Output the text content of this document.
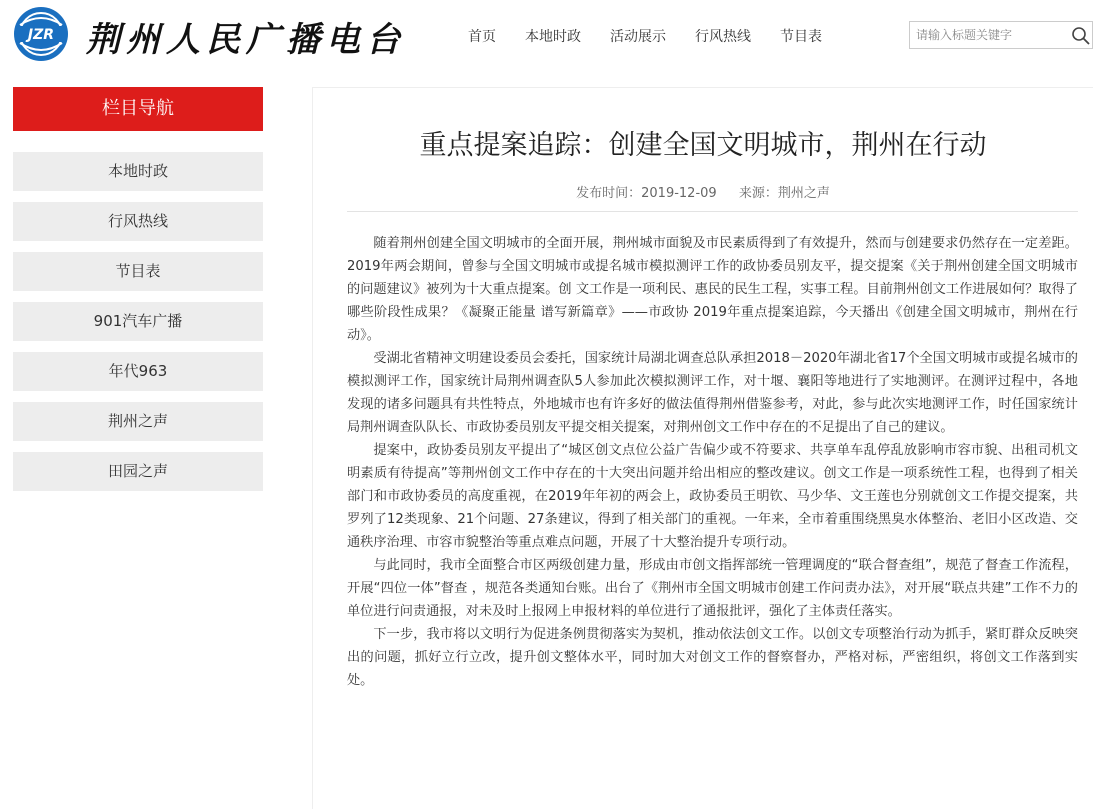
JZR 荆州人民广播电台	首页 本地时政 活动展示 行风热线 节目表
请输入标题关键字
栏目导航
本地时政
行风热线
节目表
901汽车广播
年代963
荆州之声
田园之声
重点提案追踪：创建全国文明城市，荆州在行动
发布时间：2019-12-09 来源：荆州之声

随着荆州创建全国文明城市的全面开展，荆州城市面貌及市民素质得到了有效提升，然而与创建要求仍然存在一定差距。2019年两会期间，曾参与全国文明城市或提名城市模拟测评工作的政协委员别友平，提交提案《关于荆州创建全国文明城市的问题建议》被列为十大重点提案。创 文工作是一项利民、惠民的民生工程，实事工程。目前荆州创文工作进展如何？取得了哪些阶段性成果？《凝聚正能量 谱写新篇章》——市政协 2019年重点提案追踪，今天播出《创建全国文明城市，荆州在行动》。

受湖北省精神文明建设委员会委托，国家统计局湖北调查总队承担2018－2020年湖北省17个全国文明城市或提名城市的模拟测评工作，国家统计局荆州调查队5人参加此次模拟测评工作，对十堰、襄阳等地进行了实地测评。在测评过程中，各地发现的诸多问题具有共性特点，外地城市也有许多好的做法值得荆州借鉴参考，对此，参与此次实地测评工作，时任国家统计局荆州调查队队长、市政协委员别友平提交相关提案，对荆州创文工作中存在的不足提出了自己的建议。

提案中，政协委员别友平提出了“城区创文点位公益广告偏少或不符要求、共享单车乱停乱放影响市容市貌、出租司机文明素质有待提高”等荆州创文工作中存在的十大突出问题并给出相应的整改建议。创文工作是一项系统性工程，也得到了相关部门和市政协委员的高度重视，在2019年年初的两会上，政协委员王明钦、马少华、文王莲也分别就创文工作提交提案，共罗列了12类现象、21个问题、27条建议，得到了相关部门的重视。一年来，全市着重围绕黑臭水体整治、老旧小区改造、交通秩序治理、市容市貌整治等重点难点问题，开展了十大整治提升专项行动。

与此同时，我市全面整合市区两级创建力量，形成由市创文指挥部统一管理调度的“联合督查组”，规范了督查工作流程，开展“四位一体”督查 ，规范各类通知台账。出台了《荆州市全国文明城市创建工作问责办法》，对开展“联点共建”工作不力的单位进行问责通报，对未及时上报网上申报材料的单位进行了通报批评，强化了主体责任落实。

下一步，我市将以文明行为促进条例贯彻落实为契机，推动依法创文工作。以创文专项整治行动为抓手，紧盯群众反映突出的问题，抓好立行立改，提升创文整体水平，同时加大对创文工作的督察督办，严格对标，严密组织，将创文工作落到实处。
